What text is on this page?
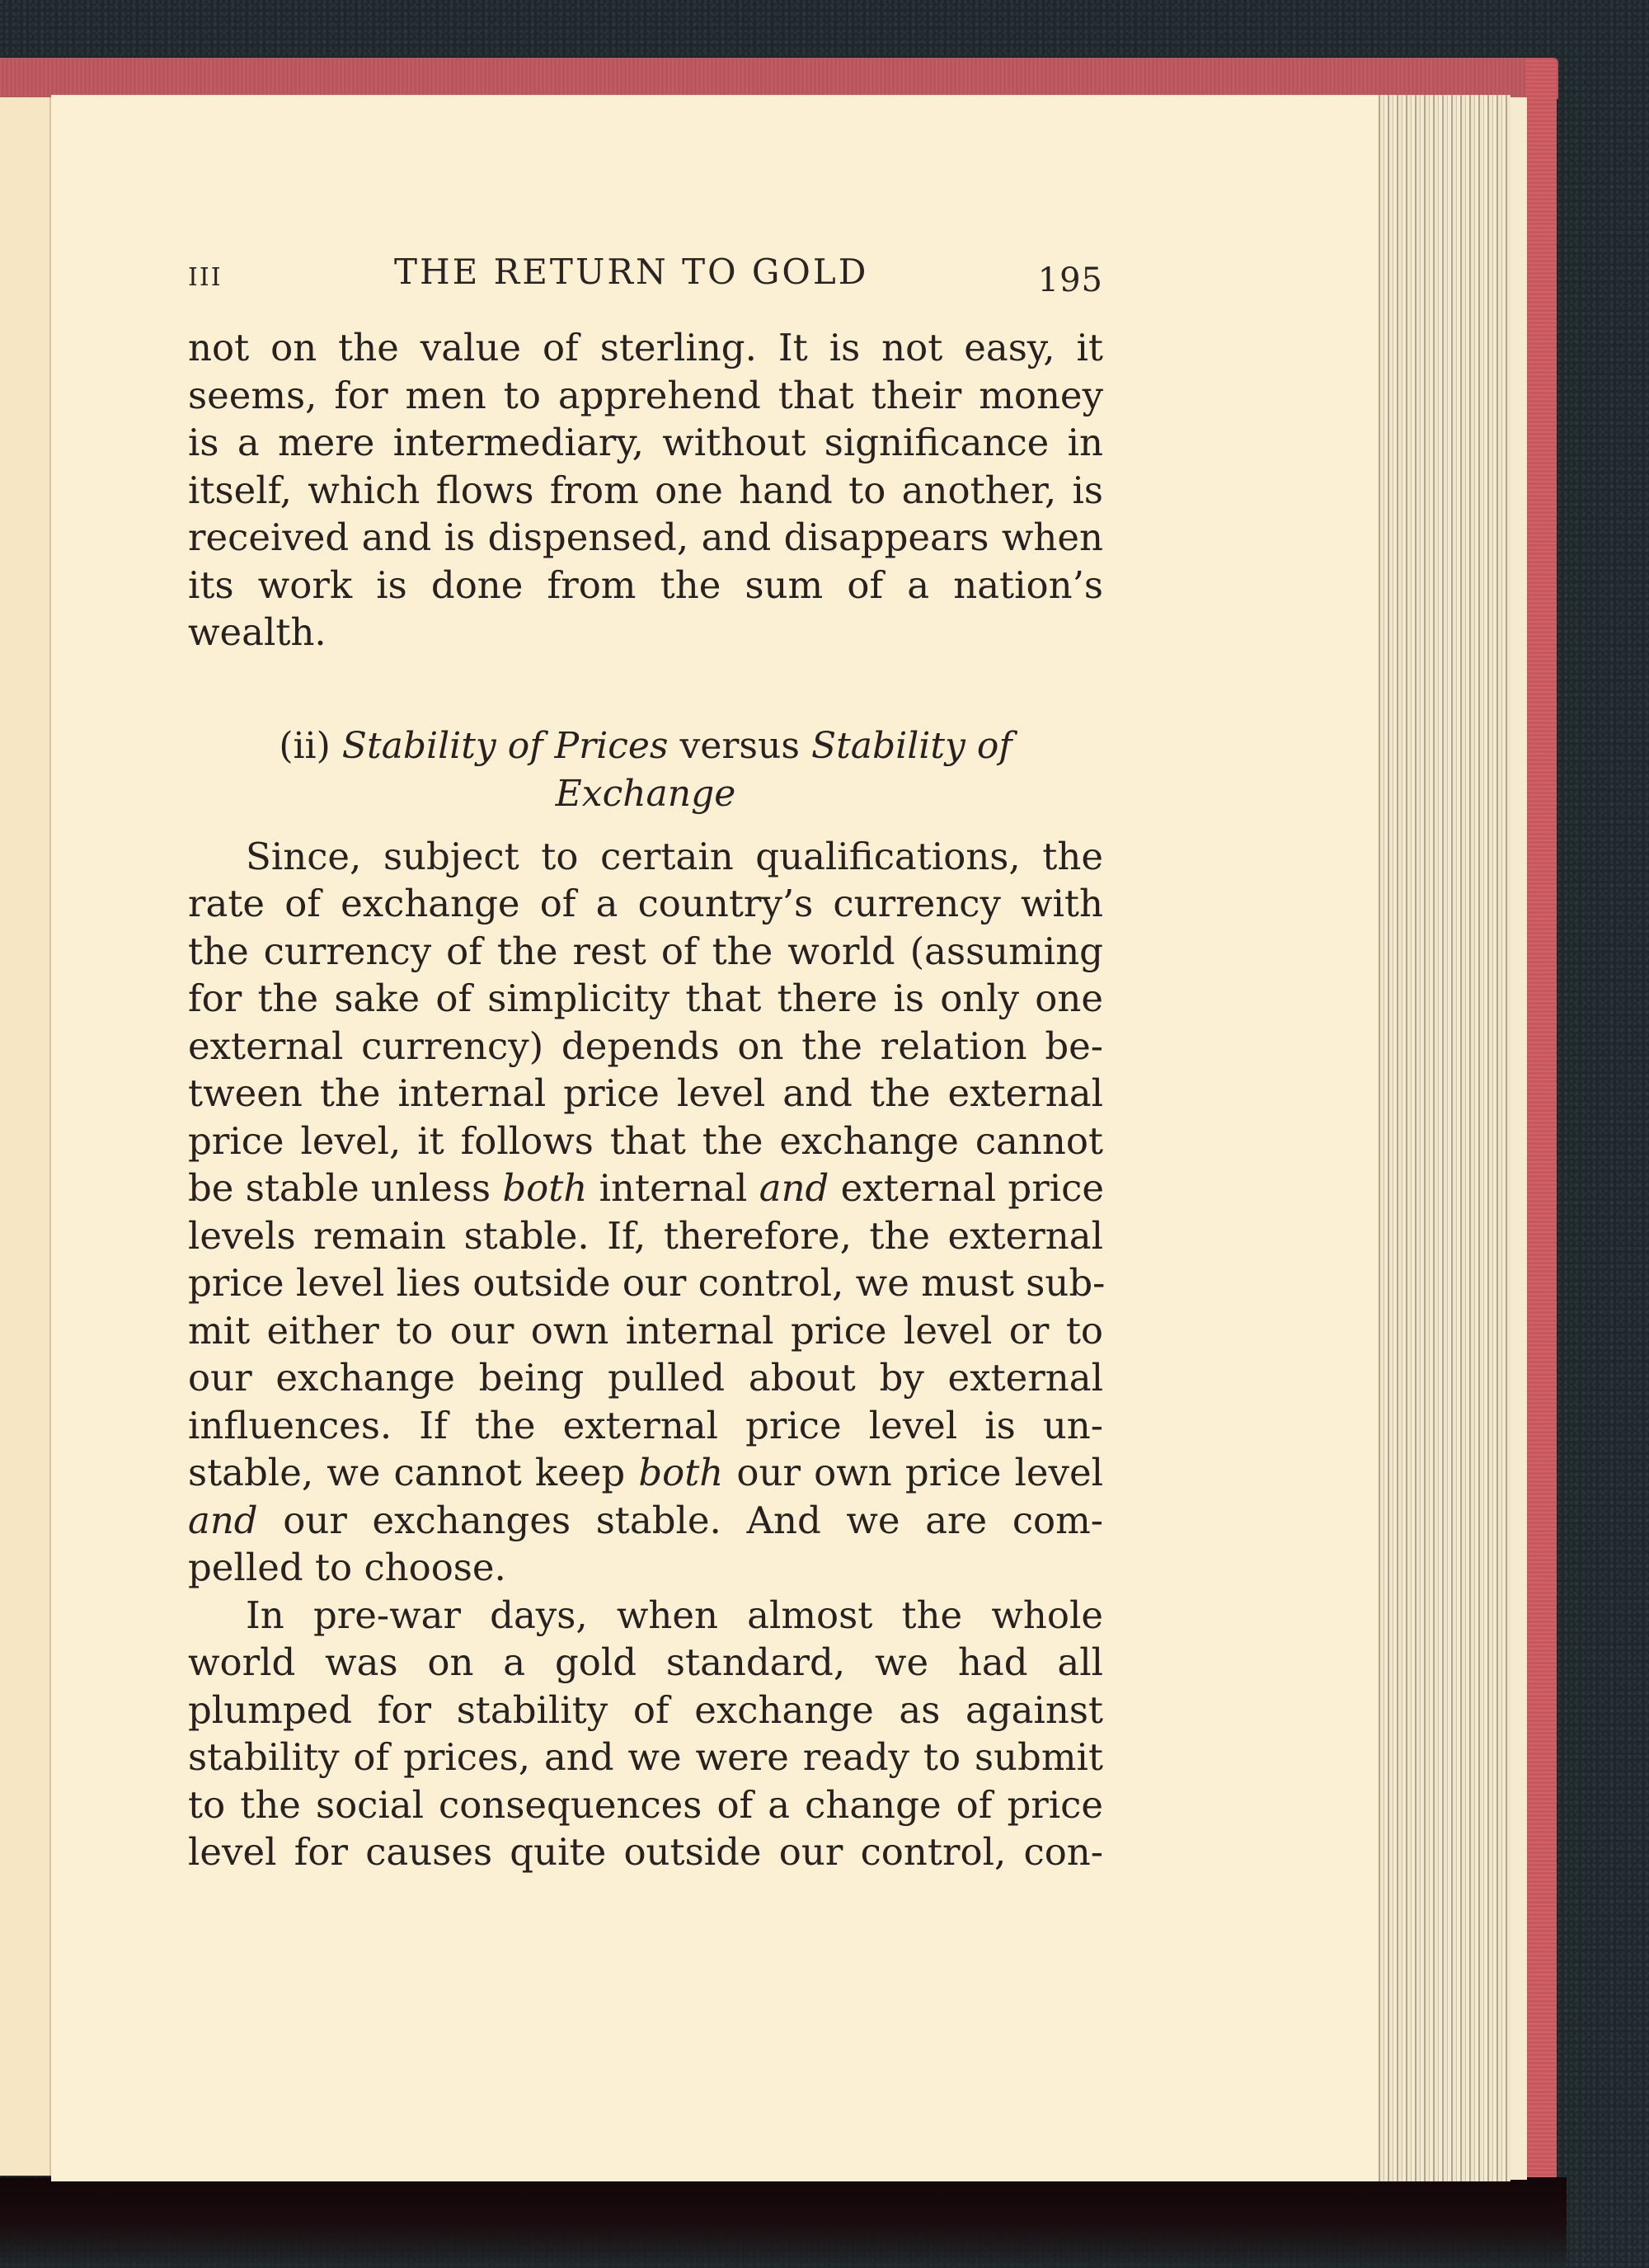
III	THE RETURN TO GOLD	195
not on the value of sterling. It is not easy, it
seems, for men to apprehend that their money
is a mere intermediary, without significance in
itself, which flows from one hand to another, is
received and is dispensed, and disappears when
its work is done from the sum of a nation’s
wealth.
(ii) Stability of Prices versus Stability of
Exchange
Since, subject to certain qualifications, the
rate of exchange of a country’s currency with
the currency of the rest of the world (assuming
for the sake of simplicity that there is only one
external currency) depends on the relation be-
tween the internal price level and the external
price level, it follows that the exchange cannot
be stable unless both internal and external price
levels remain stable. If, therefore, the external
price level lies outside our control, we must sub-
mit either to our own internal price level or to
our exchange being pulled about by external
influences. If the external price level is un-
stable, we cannot keep both our own price level
and our exchanges stable. And we are com-
pelled to choose.
In pre-war days, when almost the whole
world was on a gold standard, we had all
plumped for stability of exchange as against
stability of prices, and we were ready to submit
to the social consequences of a change of price
level for causes quite outside our control, con-
